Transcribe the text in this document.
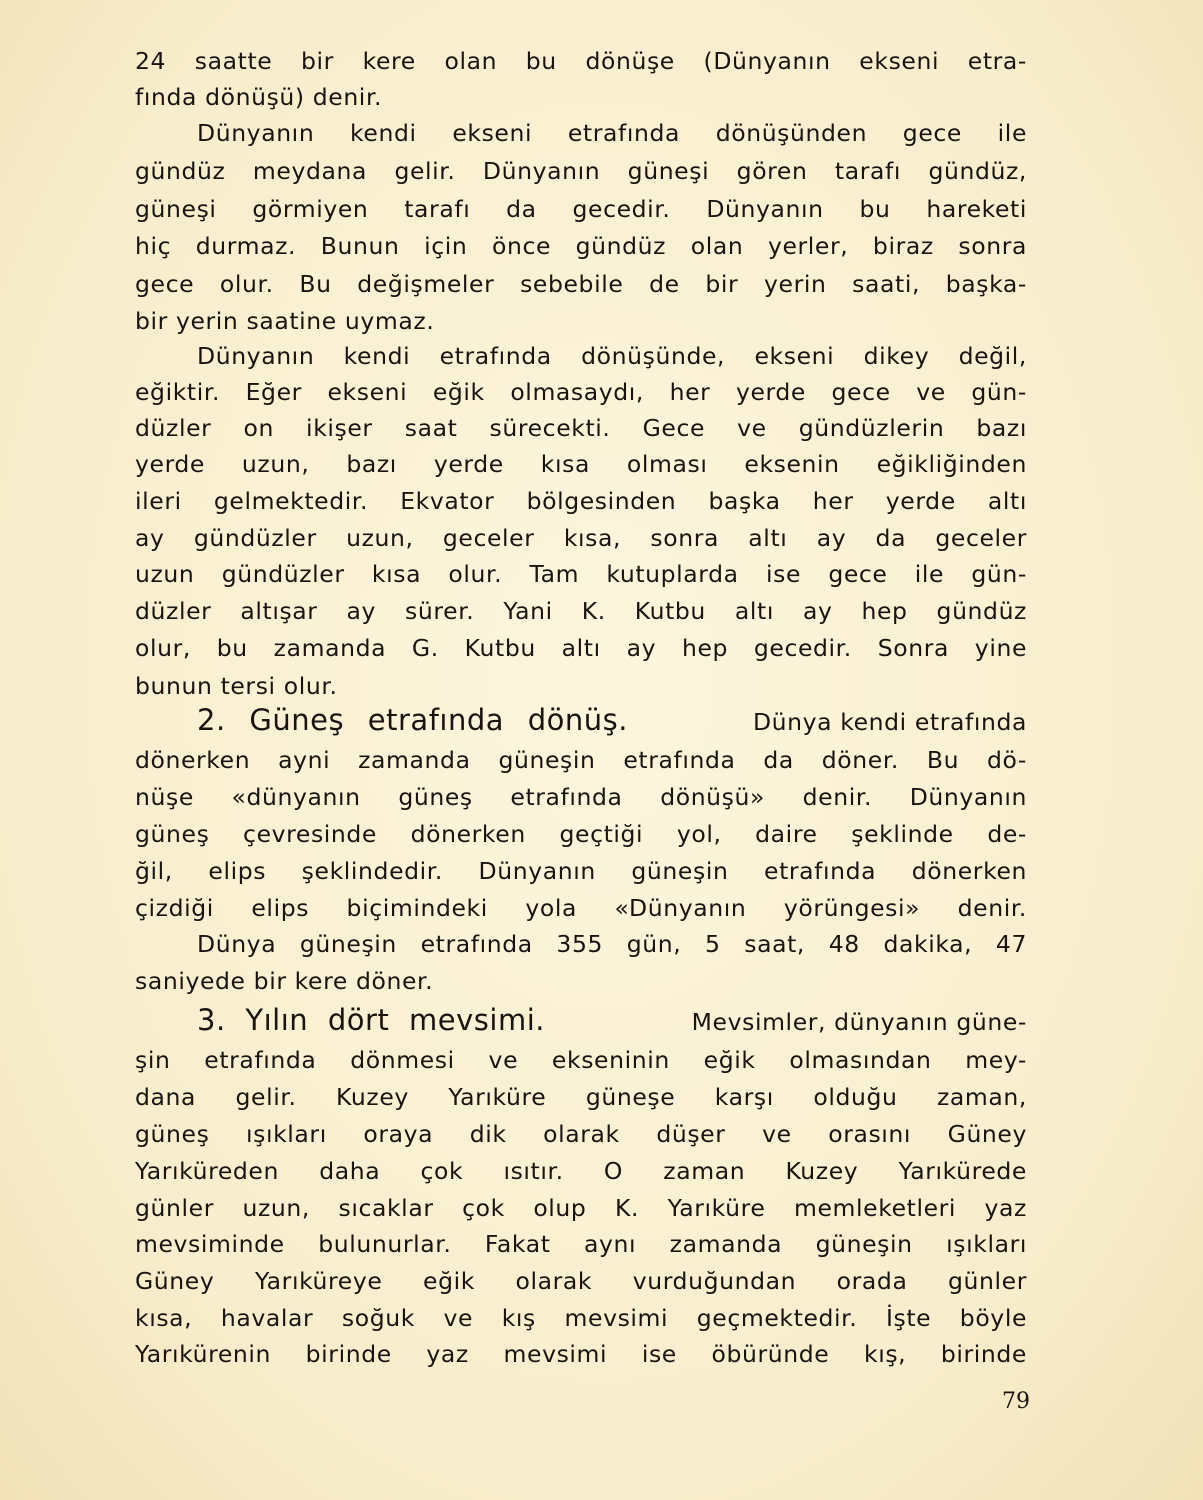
24 saatte bir kere olan bu dönüşe (Dünyanın ekseni etra-
fında dönüşü) denir.
Dünyanın kendi ekseni etrafında dönüşünden gece ile
gündüz meydana gelir. Dünyanın güneşi gören tarafı gündüz,
güneşi görmiyen tarafı da gecedir. Dünyanın bu hareketi
hiç durmaz. Bunun için önce gündüz olan yerler, biraz sonra
gece olur. Bu değişmeler sebebile de bir yerin saati, başka-
bir yerin saatine uymaz.
Dünyanın kendi etrafında dönüşünde, ekseni dikey değil,
eğiktir. Eğer ekseni eğik olmasaydı, her yerde gece ve gün-
düzler on ikişer saat sürecekti. Gece ve gündüzlerin bazı
yerde uzun, bazı yerde kısa olması eksenin eğikliğinden
ileri gelmektedir. Ekvator bölgesinden başka her yerde altı
ay gündüzler uzun, geceler kısa, sonra altı ay da geceler
uzun gündüzler kısa olur. Tam kutuplarda ise gece ile gün-
düzler altışar ay sürer. Yani K. Kutbu altı ay hep gündüz
olur, bu zamanda G. Kutbu altı ay hep gecedir. Sonra yine
bunun tersi olur.
2. Güneş etrafında dönüş.	Dünya kendi etrafında
dönerken ayni zamanda güneşin etrafında da döner. Bu dö-
nüşe «dünyanın güneş etrafında dönüşü» denir. Dünyanın
güneş çevresinde dönerken geçtiği yol, daire şeklinde de-
ğil, elips şeklindedir. Dünyanın güneşin etrafında dönerken
çizdiği elips biçimindeki yola «Dünyanın yörüngesi» denir.
Dünya güneşin etrafında 355 gün, 5 saat, 48 dakika, 47
saniyede bir kere döner.
3. Yılın dört mevsimi.	Mevsimler, dünyanın güne-
şin etrafında dönmesi ve ekseninin eğik olmasından mey-
dana gelir. Kuzey Yarıküre güneşe karşı olduğu zaman,
güneş ışıkları oraya dik olarak düşer ve orasını Güney
Yarıküreden daha çok ısıtır. O zaman Kuzey Yarıkürede
günler uzun, sıcaklar çok olup K. Yarıküre memleketleri yaz
mevsiminde bulunurlar. Fakat aynı zamanda güneşin ışıkları
Güney Yarıküreye eğik olarak vurduğundan orada günler
kısa, havalar soğuk ve kış mevsimi geçmektedir. İşte böyle
Yarıkürenin birinde yaz mevsimi ise öbüründe kış, birinde
79
